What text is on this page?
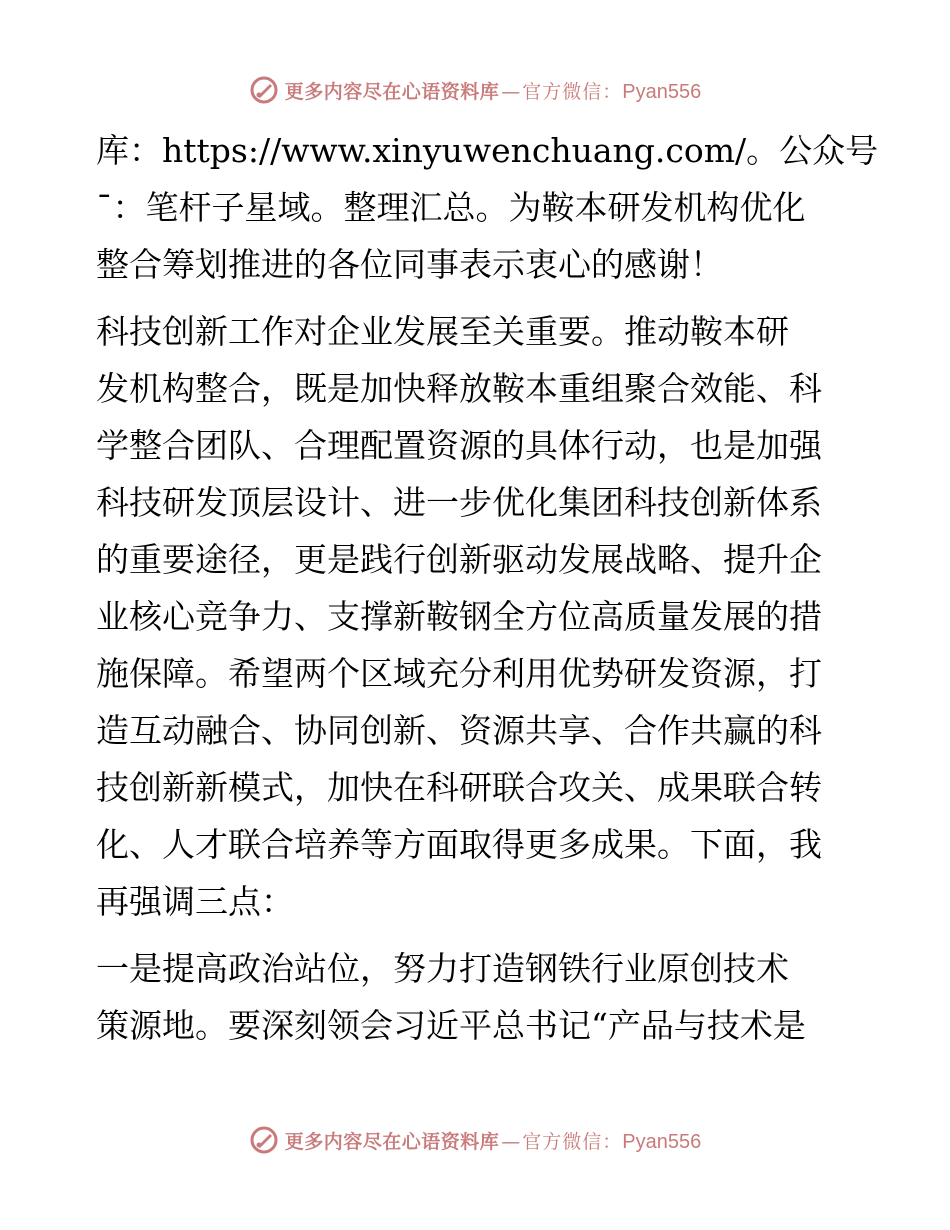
更多内容尽在心语资料库 — 官方微信： Pyan556
库：https://www.xinyuwenchuang.com/。公众号
ˉ：笔杆子星域。整理汇总。为鞍本研发机构优化
整合筹划推进的各位同事表示衷心的感谢！
科技创新工作对企业发展至关重要。推动鞍本研
发机构整合，既是加快释放鞍本重组聚合效能、科
学整合团队、合理配置资源的具体行动，也是加强
科技研发顶层设计、进一步优化集团科技创新体系
的重要途径，更是践行创新驱动发展战略、提升企
业核心竞争力、支撑新鞍钢全方位高质量发展的措
施保障。希望两个区域充分利用优势研发资源，打
造互动融合、协同创新、资源共享、合作共赢的科
技创新新模式，加快在科研联合攻关、成果联合转
化、人才联合培养等方面取得更多成果。下面，我
再强调三点：
一是提高政治站位，努力打造钢铁行业原创技术
策源地。要深刻领会习近平总书记“产品与技术是
更多内容尽在心语资料库 — 官方微信： Pyan556
